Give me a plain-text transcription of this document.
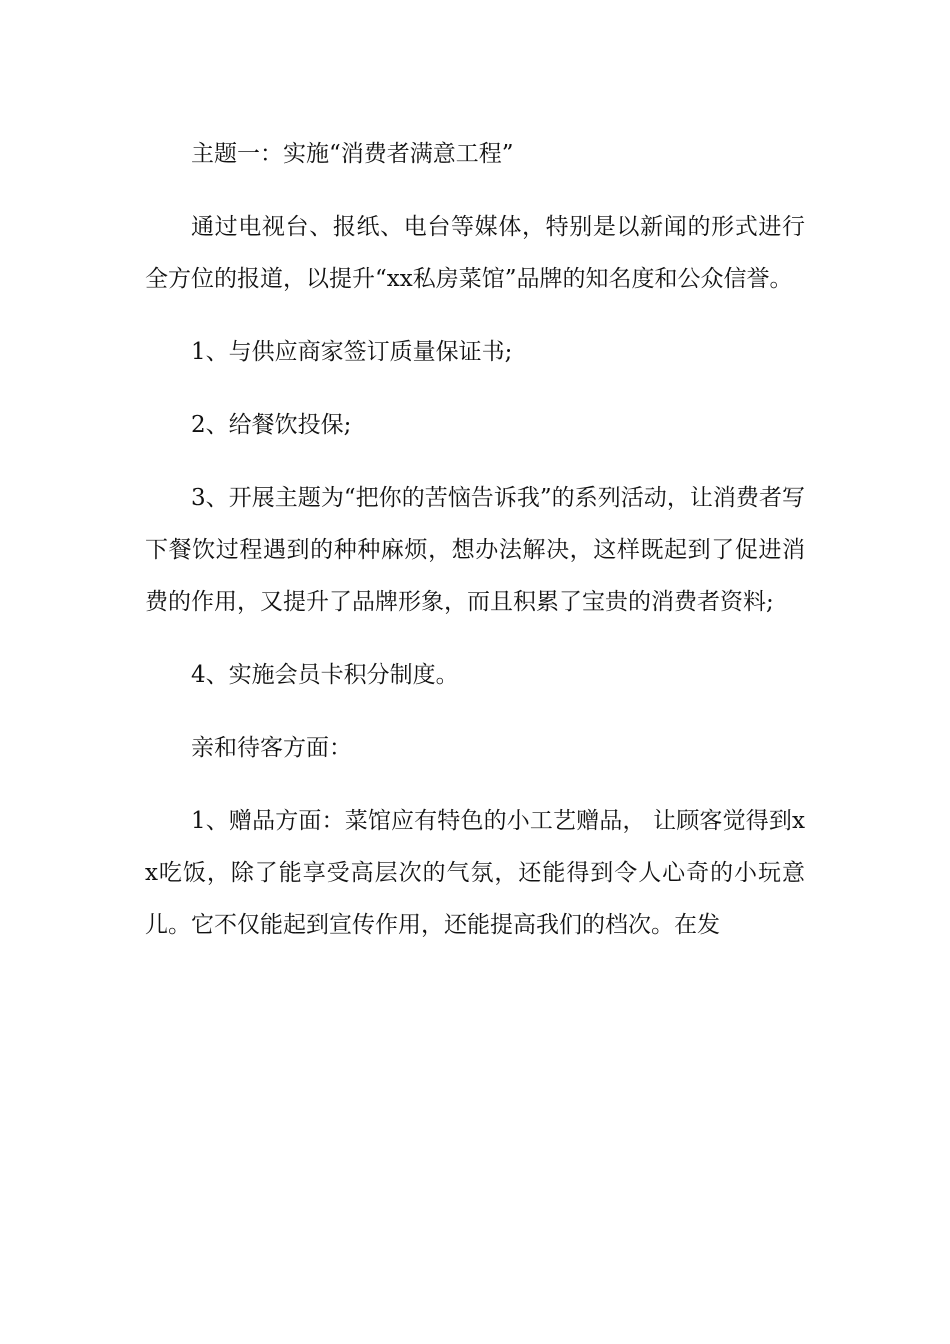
主题一：实施“消费者满意工程”

通过电视台、报纸、电台等媒体，特别是以新闻的形式进行全方位的报道，以提升“xx私房菜馆”品牌的知名度和公众信誉。

1、与供应商家签订质量保证书;

2、给餐饮投保;

3、开展主题为“把你的苦恼告诉我”的系列活动，让消费者写下餐饮过程遇到的种种麻烦，想办法解决，这样既起到了促进消费的作用，又提升了品牌形象，而且积累了宝贵的消费者资料;

4、实施会员卡积分制度。

亲和待客方面：

1、赠品方面：菜馆应有特色的小工艺赠品， 让顾客觉得到xx吃饭，除了能享受高层次的气氛，还能得到令人心奇的小玩意儿。它不仅能起到宣传作用，还能提高我们的档次。在发
